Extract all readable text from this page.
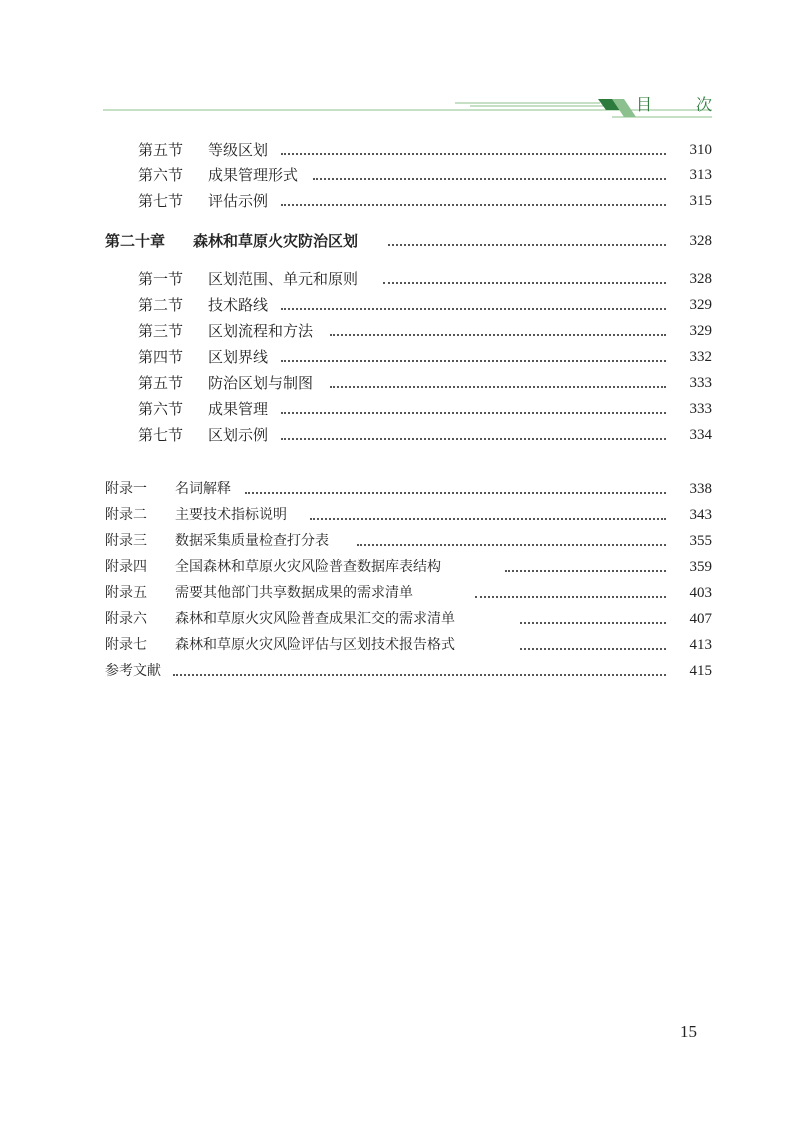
目	次
第五节 等级区划	310
第六节 成果管理形式	313
第七节 评估示例	315
第二十章 森林和草原火灾防治区划	328
第一节 区划范围、单元和原则	328
第二节 技术路线	329
第三节 区划流程和方法	329
第四节 区划界线	332
第五节 防治区划与制图	333
第六节 成果管理	333
第七节 区划示例	334
附录一 名词解释	338
附录二 主要技术指标说明	343
附录三 数据采集质量检查打分表	355
附录四 全国森林和草原火灾风险普查数据库表结构	359
附录五 需要其他部门共享数据成果的需求清单	403
附录六 森林和草原火灾风险普查成果汇交的需求清单	407
附录七 森林和草原火灾风险评估与区划技术报告格式	413
参考文献	415
15
